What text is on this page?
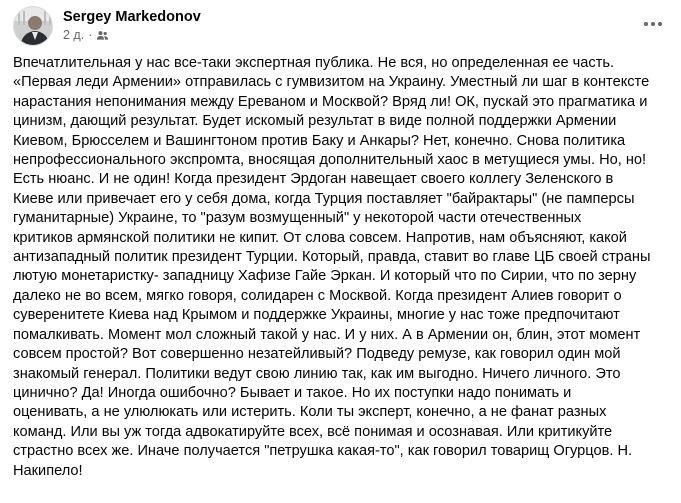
Sergey Markedonov
2 д. ·
Впечатлительная у нас все-таки экспертная публика. Не вся, но определенная ее часть.
«Первая леди Армении» отправилась с гумвизитом на Украину. Уместный ли шаг в контексте
нарастания непонимания между Ереваном и Москвой? Вряд ли! ОК, пускай это прагматика и
цинизм, дающий результат. Будет искомый результат в виде полной поддержки Армении
Киевом, Брюсселем и Вашингтоном против Баку и Анкары? Нет, конечно. Снова политика
непрофессионального экспромта, вносящая дополнительный хаос в метущиеся умы. Но, но!
Есть нюанс. И не один! Когда президент Эрдоган навещает своего коллегу Зеленского в
Киеве или привечает его у себя дома, когда Турция поставляет "байрактары" (не памперсы
гуманитарные) Украине, то "разум возмущенный" у некоторой части отечественных
критиков армянской политики не кипит. От слова совсем. Напротив, нам объясняют, какой
антизападный политик президент Турции. Который, правда, ставит во главе ЦБ своей страны
лютую монетаристку- западницу Хафизе Гайе Эркан. И который что по Сирии, что по зерну
далеко не во всем, мягко говоря, солидарен с Москвой. Когда президент Алиев говорит о
суверенитете Киева над Крымом и поддержке Украины, многие у нас тоже предпочитают
помалкивать. Момент мол сложный такой у нас. И у них. А в Армении он, блин, этот момент
совсем простой? Вот совершенно незатейливый? Подведу ремузе, как говорил один мой
знакомый генерал. Политики ведут свою линию так, как им выгодно. Ничего личного. Это
цинично? Да! Иногда ошибочно? Бывает и такое. Но их поступки надо понимать и
оценивать, а не улюлюкать или истерить. Коли ты эксперт, конечно, а не фанат разных
команд. Или вы уж тогда адвокатируйте всех, всё понимая и осознавая. Или критикуйте
страстно всех же. Иначе получается "петрушка какая-то", как говорил товарищ Огурцов. Н.
Накипело!
